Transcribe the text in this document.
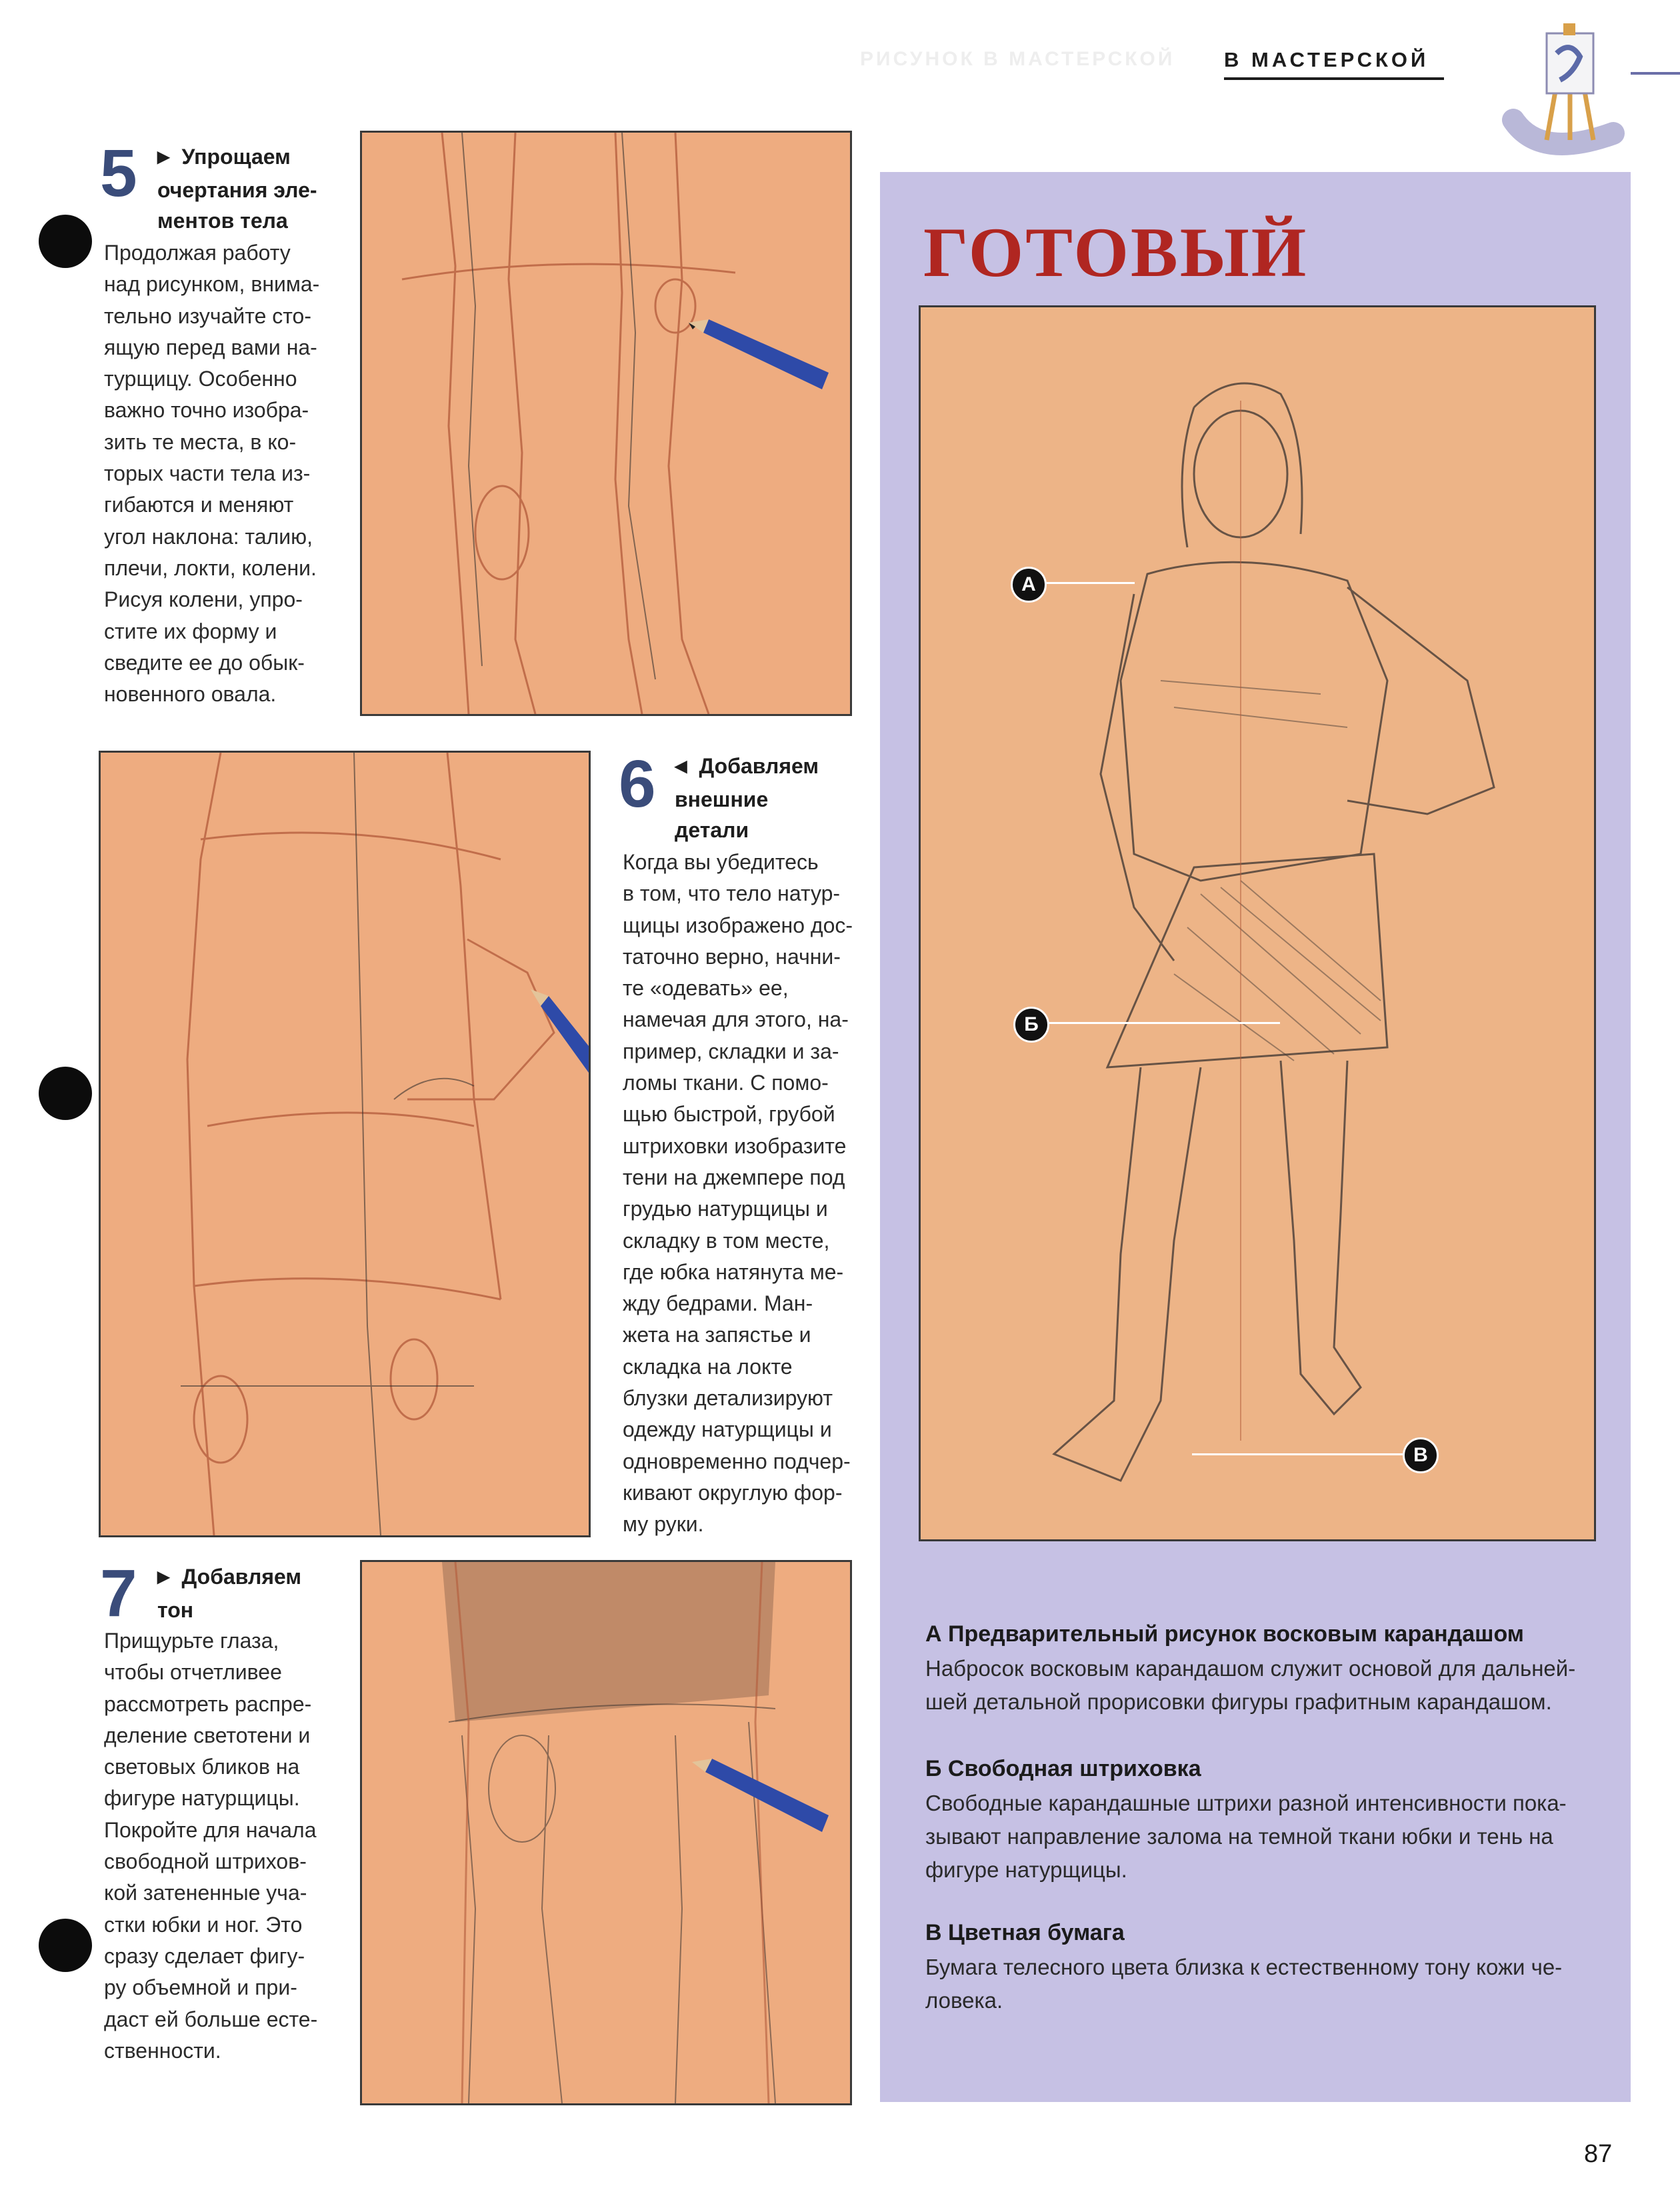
РИСУНОК В МАСТЕРСКОЙ В МАСТЕРСКОЙ
5 ▶ Упрощаем
очертания эле-
ментов тела
Продолжая работу
над рисунком, внима-
тельно изучайте сто-
ящую перед вами на-
турщицу. Особенно
важно точно изобра-
зить те места, в ко-
торых части тела из-
гибаются и меняют
угол наклона: талию,
плечи, локти, колени.
Рисуя колени, упро-
стите их форму и
сведите ее до обык-
новенного овала.
6 ◀ Добавляем
внешние
детали
Когда вы убедитесь
в том, что тело натур-
щицы изображено дос-
таточно верно, начни-
те «одевать» ее,
намечая для этого, на-
пример, складки и за-
ломы ткани. С помо-
щью быстрой, грубой
штриховки изобразите
тени на джемпере под
грудью натурщицы и
складку в том месте,
где юбка натянута ме-
жду бедрами. Ман-
жета на запястье и
складка на локте
блузки детализируют
одежду натурщицы и
одновременно подчер-
кивают округлую фор-
му руки.
7 ▶ Добавляем
тон
Прищурьте глаза,
чтобы отчетливее
рассмотреть распре-
деление светотени и
световых бликов на
фигуре натурщицы.
Покройте для начала
свободной штрихов-
кой затененные уча-
стки юбки и ног. Это
сразу сделает фигу-
ру объемной и при-
даст ей больше есте-
ственности.
ГОТОВЫЙ
A
Б
B
А Предварительный рисунок восковым карандашом
Набросок восковым карандашом служит основой для дальней-
шей детальной прорисовки фигуры графитным карандашом.
Б Свободная штриховка
Свободные карандашные штрихи разной интенсивности пока-
зывают направление залома на темной ткани юбки и тень на
фигуре натурщицы.
В Цветная бумага
Бумага телесного цвета близка к естественному тону кожи че-
ловека.
87
